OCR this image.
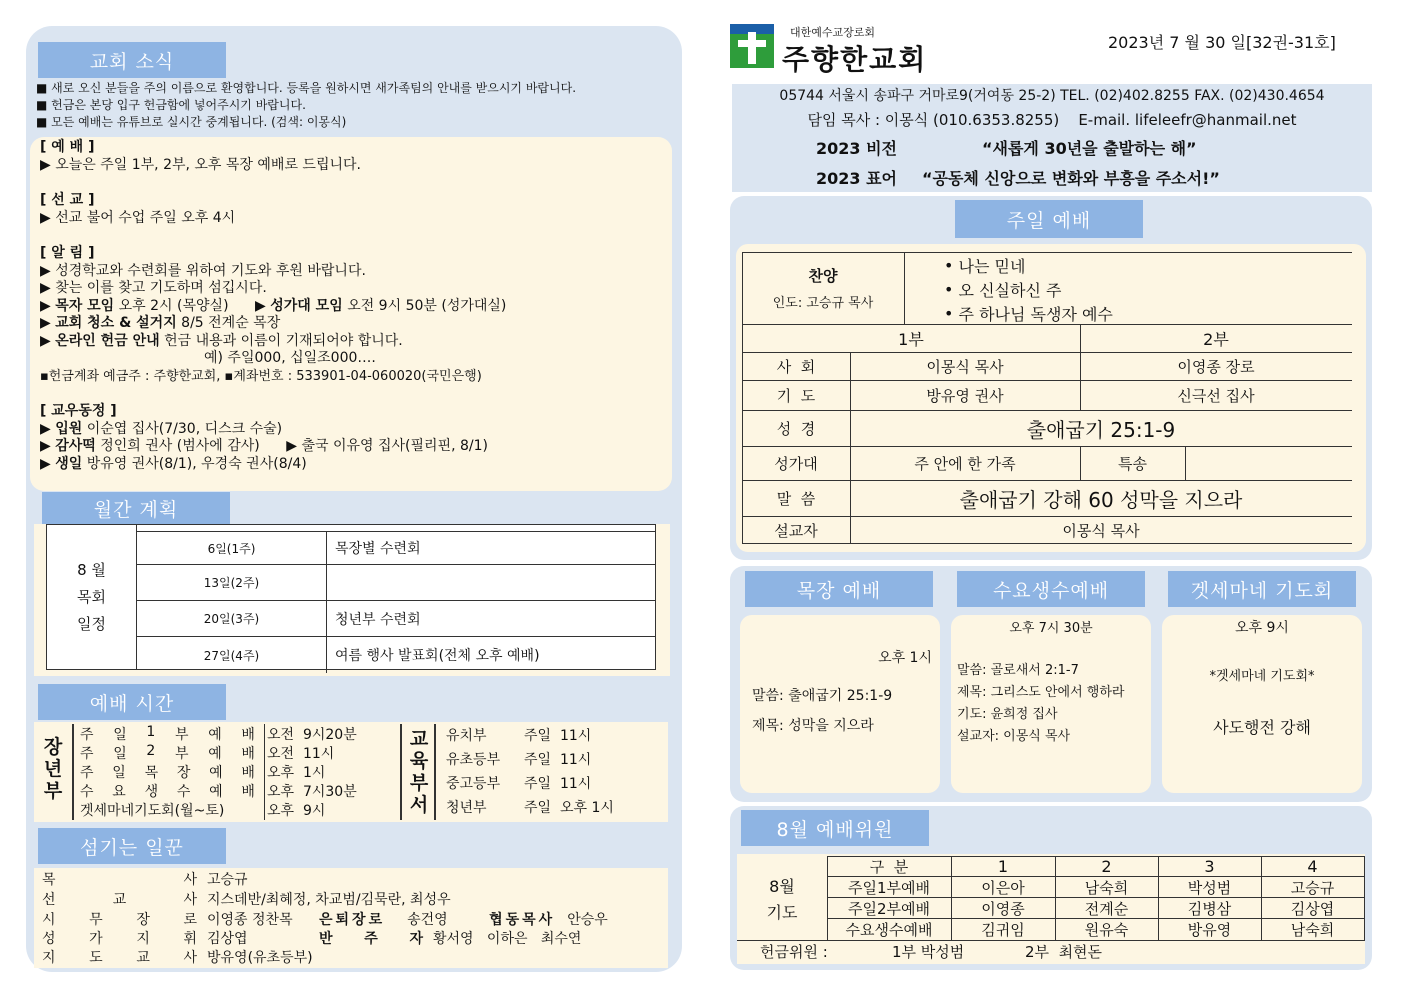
교회 소식
■ 새로 오신 분들을 주의 이름으로 환영합니다. 등록을 원하시면 새가족팀의 안내를 받으시기 바랍니다.
■ 헌금은 본당 입구 헌금함에 넣어주시기 바랍니다.
■ 모든 예배는 유튜브로 실시간 중계됩니다. (검색: 이몽식)
[ 예 배 ]
▶ 오늘은 주일 1부, 2부, 오후 목장 예배로 드립니다.
[ 선 교 ]
▶ 선교 불어 수업 주일 오후 4시
[ 알 림 ]
▶ 성경학교와 수련회를 위하여 기도와 후원 바랍니다.
▶ 찾는 이를 찾고 기도하며 섬깁시다.
▶ 목자 모임 오후 2시 (목양실) ▶ 성가대 모임 오전 9시 50분 (성가대실)
▶ 교회 청소 & 설거지 8/5 전계순 목장
▶ 온라인 헌금 안내 헌금 내용과 이름이 기재되어야 합니다.
예) 주일000, 십일조000….
▪헌금계좌 예금주 : 주향한교회, ▪계좌번호 : 533901-04-060020(국민은행)
[ 교우동정 ]
▶ 입원 이순엽 집사(7/30, 디스크 수술)
▶ 감사떡 정인희 권사 (범사에 감사) ▶ 출국 이유영 집사(필리핀, 8/1)
▶ 생일 방유영 권사(8/1), 우경숙 권사(8/4)
월간 계획
8 월
목회
일정
6일(1주)	목장별 수련회
13일(2주)
20일(3주)	청년부 수련회
27일(4주)	여름 행사 발표회(전체 오후 예배)
예배 시간
장
년
부
주 일 1 부 예 배 오전  9시20분
주 일 2 부 예 배 오전  11시
주 일 목 장 예 배 오후  1시
수 요 생 수 예 배 오후  7시30분
겟세마네기도회(월~토)	오후  9시
교
육
부
서
유치부	주일  11시
유초등부	주일  11시
중고등부	주일  11시
청년부	주일  오후 1시
섬기는 일꾼
목	사 고승규
선	교	사 지스데반/최혜정, 차교범/김묵란, 최성우
시 무 장 로 이영종 정찬목	은퇴장로 송건영	협동목사 안승우
성 가 지 휘 김상엽	반 주 자 황서영   이하은   최수연
지 도 교 사 방유영(유초등부)
대한예수교장로회
주향한교회
2023년 7 월 30 일[32권-31호]
05744 서울시 송파구 거마로9(거여동 25-2) TEL. (02)402.8255 FAX. (02)430.4654
담임 목사 : 이몽식 (010.6353.8255)    E-mail. lifeleefr@hanmail.net
2023 비전	“새롭게 30년을 출발하는 해”
2023 표어 “공동체 신앙으로 변화와 부흥을 주소서!”
주일 예배
찬양
인도: 고승규 목사
• 나는 믿네
• 오 신실하신 주
• 주 하나님 독생자 예수
1부	2부
사  회	이몽식 목사	이영종 장로
기  도	방유영 권사	신극선 집사
성  경	출애굽기 25:1-9
성가대	주 안에 한 가족	특송
말  씀	출애굽기 강해 60 성막을 지으라
설교자	이몽식 목사
목장 예배	수요생수예배	겟세마네 기도회
오후 1시
말씀: 출애굽기 25:1-9
제목: 성막을 지으라
오후 7시 30분
말씀: 골로새서 2:1-7
제목: 그리스도 안에서 행하라
기도: 윤희정 집사
설교자: 이몽식 목사
오후 9시
*겟세마네 기도회*
사도행전 강해
8월 예배위원
8월
기도
구  분	1	2	3	4
주일1부예배	이은아	남숙희	박성범	고승규
주일2부예배	이영종	전계순	김병삼	김상엽
수요생수예배	김귀임	원유숙	방유영	남숙희
헌금위원 :	1부 박성범	2부  최현돈
